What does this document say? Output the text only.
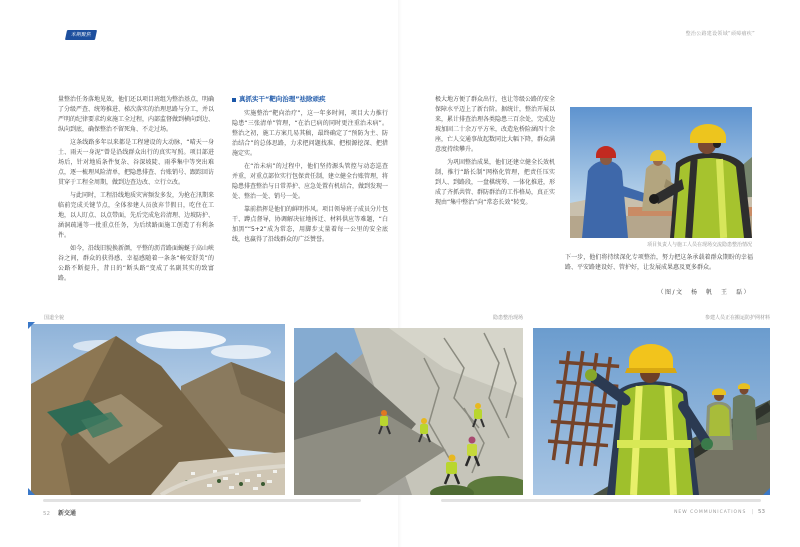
本期聚焦	整治公路建设领域“顽瘴痼疾”

量整治任务落地见效，他们还以项目班组为整治基点，明确了分级严查、统筹推进、梯次落实的治理思路与分工，并以严明的纪律要求约束施工全过程，内部监督做到横向到边、纵向到底，确保整治不留死角、不走过场。

这条线路多年以来都是工程建设的大动脉，“晴天一身土、雨天一身泥”曾是沿线群众出行的真实写照。项目部进场后，针对地质条件复杂、谷深坡陡、雨季集中等突出难点，逐一梳理风险清单，把隐患排查、台账销号、跟踪回访贯穿于工程全周期，做到边查边改、立行立改。

与此同时，工程沿线地质灾害频发多发，为抢在汛期来临前完成关键节点，全体参建人员放弃节假日，吃住在工地，以人盯点、以点带面，先后完成危岩清理、边坡防护、涵洞疏通等一批重点任务，为后续路面施工创造了有利条件。

如今，沿线旧貌换新颜，平整的沥青路面蜿蜒于高山峡谷之间，群众的获得感、幸福感随着一条条“畅安舒美”的公路不断提升，昔日的“断头路”变成了名副其实的致富路。

真抓实干“靶向治理”祛除顽疾

实施整治“靶向治疗”，这一年多时间，项目大力推行隐患“三张清单”管理，“在治已病的同时更注重治未病”。整治之初，施工方案几易其稿，最终确定了“预防为主、防治结合”的总体思路，力求把问题找准、把根源挖深、把措施定实。

在“治未病”的过程中，他们坚持源头管控与动态巡查并重，对重点部位实行包保责任制，建立健全台账管理，将隐患排查整治与日常养护、应急处置有机结合，做到发现一处、整治一处、销号一处。

靠前指挥是他们的鲜明作风。项目领导班子成员分片包干、蹲点督导，协调解决征地拆迁、材料供应等难题，“白加黑”“5+2”成为常态，用脚步丈量着每一公里的安全底线，也赢得了沿线群众的广泛赞誉。

极大地方便了群众出行，也让等级公路的安全保障水平迈上了新台阶。据统计，整治开展以来，累计排查治理各类隐患三百余处，完成边坡加固二十余万平方米，改造危桥险涵四十余座，亡人交通事故起数同比大幅下降，群众满意度持续攀升。

为巩固整治成果，他们还建立健全长效机制，推行“路长制”网格化管理，把责任压实到人、到路段，一盘棋统筹、一体化推进，形成了齐抓共管、群防群治的工作格局，真正实现由“集中整治”向“常态长效”转变。

项目负责人与施工人员在现场交流隐患整治情况

下一步，他们将持续深化专项整治，努力把这条承载着群众期盼的幸福路、平安路建设好、管护好，让发展成果惠及更多群众。

（图/文　杨　帆　王　磊）
国道全貌	隐患整治现场	参建人员正在搬运防护网材料
52 新交通	NEW COMMUNICATIONS | 53
